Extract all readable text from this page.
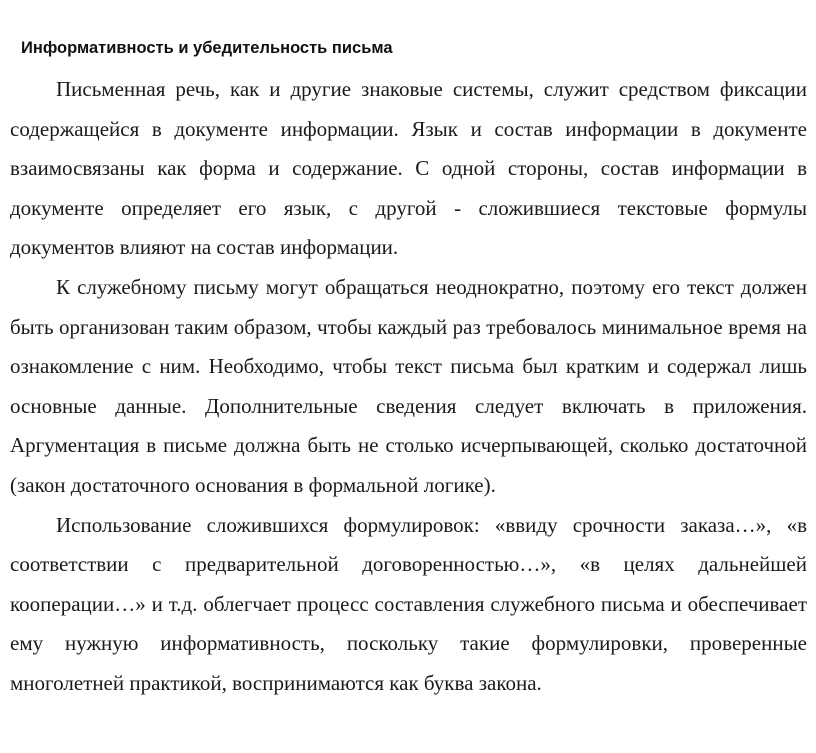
Информативность и убедительность письма

Письменная речь, как и другие знаковые системы, служит средством фиксации содержащейся в документе информации. Язык и состав информации в документе взаимосвязаны как форма и содержание. С одной стороны, состав информации в документе определяет его язык, с другой - сложившиеся текстовые формулы документов влияют на состав информации.

К служебному письму могут обращаться неоднократно, поэтому его текст должен быть организован таким образом, чтобы каждый раз требовалось минимальное время на ознакомление с ним. Необходимо, чтобы текст письма был кратким и содержал лишь основные данные. Дополнительные сведения следует включать в приложения. Аргументация в письме должна быть не столько исчерпывающей, сколько достаточной (закон достаточного основания в формальной логике).

Использование сложившихся формулировок: «ввиду срочности заказа…», «в соответствии с предварительной договоренностью…», «в целях дальнейшей кооперации…» и т.д. облегчает процесс составления служебного письма и обеспечивает ему нужную информативность, поскольку такие формулировки, проверенные многолетней практикой, воспринимаются как буква закона.
